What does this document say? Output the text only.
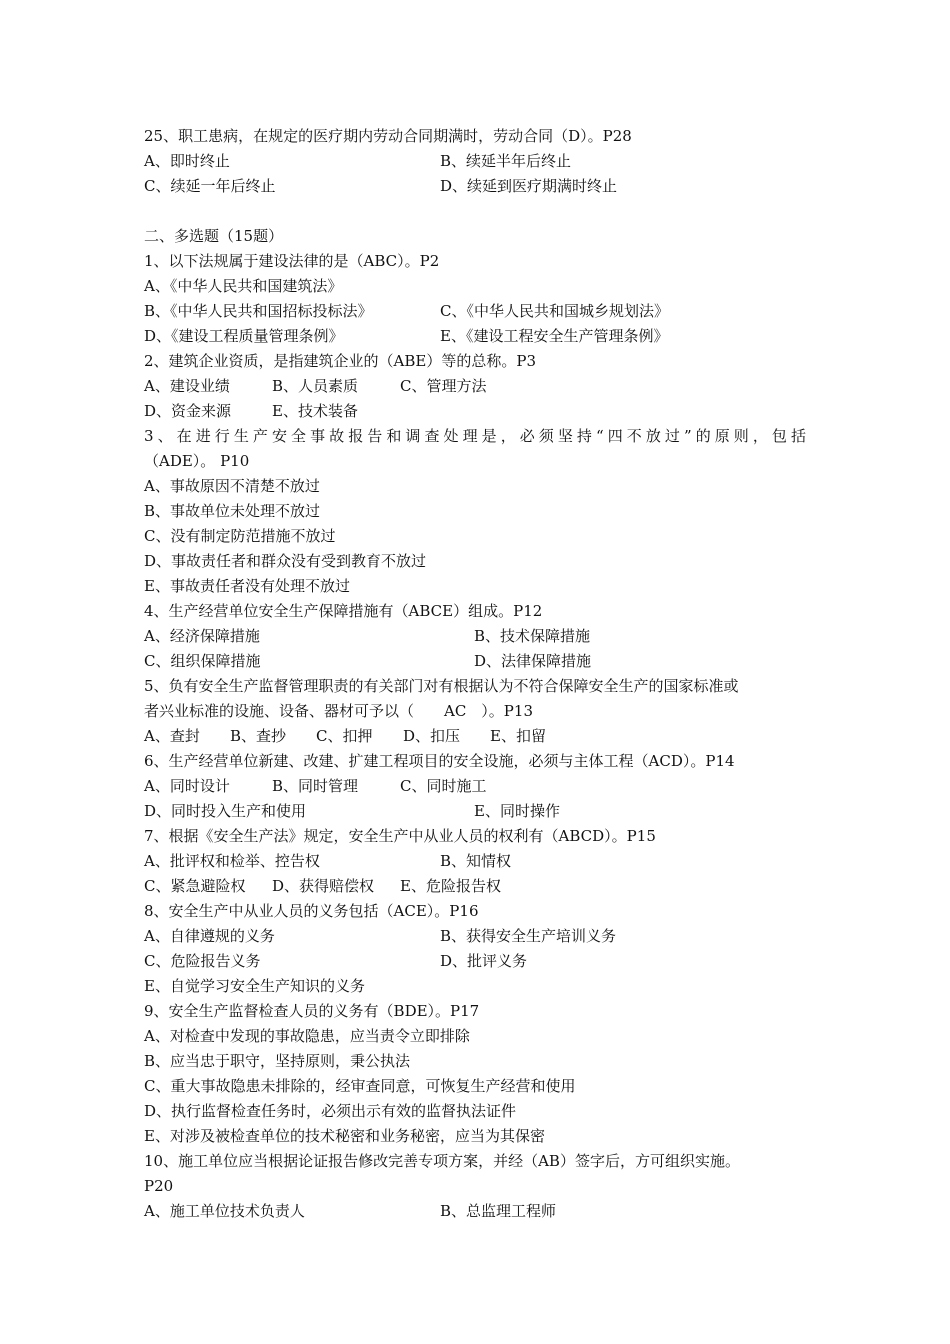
25、职工患病，在规定的医疗期内劳动合同期满时，劳动合同（D）。P28
A、即时终止	B、续延半年后终止
C、续延一年后终止	D、续延到医疗期满时终止
二、多选题（15题）
1、以下法规属于建设法律的是（ABC）。P2
A、《中华人民共和国建筑法》
B、《中华人民共和国招标投标法》	C、《中华人民共和国城乡规划法》
D、《建设工程质量管理条例》	E、《建设工程安全生产管理条例》
2、建筑企业资质，是指建筑企业的（ABE）等的总称。P3
A、建设业绩	B、人员素质	C、管理方法
D、资金来源	E、技术装备
3、在进行生产安全事故报告和调查处理是，必须坚持“四不放过”的原则，包括
（ADE）。 P10
A、事故原因不清楚不放过
B、事故单位未处理不放过
C、没有制定防范措施不放过
D、事故责任者和群众没有受到教育不放过
E、事故责任者没有处理不放过
4、生产经营单位安全生产保障措施有（ABCE）组成。P12
A、经济保障措施	B、技术保障措施
C、组织保障措施	D、法律保障措施
5、负有安全生产监督管理职责的有关部门对有根据认为不符合保障安全生产的国家标准或
者兴业标准的设施、设备、器材可予以（　　AC　）。P13
A、查封 B、查抄 C、扣押 D、扣压 E、扣留
6、生产经营单位新建、改建、扩建工程项目的安全设施，必须与主体工程（ACD）。P14
A、同时设计	B、同时管理	C、同时施工
D、同时投入生产和使用	E、同时操作
7、根据《安全生产法》规定，安全生产中从业人员的权利有（ABCD）。P15
A、批评权和检举、控告权	B、知情权
C、紧急避险权 D、获得赔偿权 E、危险报告权
8、安全生产中从业人员的义务包括（ACE）。P16
A、自律遵规的义务	B、获得安全生产培训义务
C、危险报告义务	D、批评义务
E、自觉学习安全生产知识的义务
9、安全生产监督检查人员的义务有（BDE）。P17
A、对检查中发现的事故隐患，应当责令立即排除
B、应当忠于职守，坚持原则，秉公执法
C、重大事故隐患未排除的，经审查同意，可恢复生产经营和使用
D、执行监督检查任务时，必须出示有效的监督执法证件
E、对涉及被检查单位的技术秘密和业务秘密，应当为其保密
10、施工单位应当根据论证报告修改完善专项方案，并经（AB）签字后，方可组织实施。
P20
A、施工单位技术负责人	B、总监理工程师
